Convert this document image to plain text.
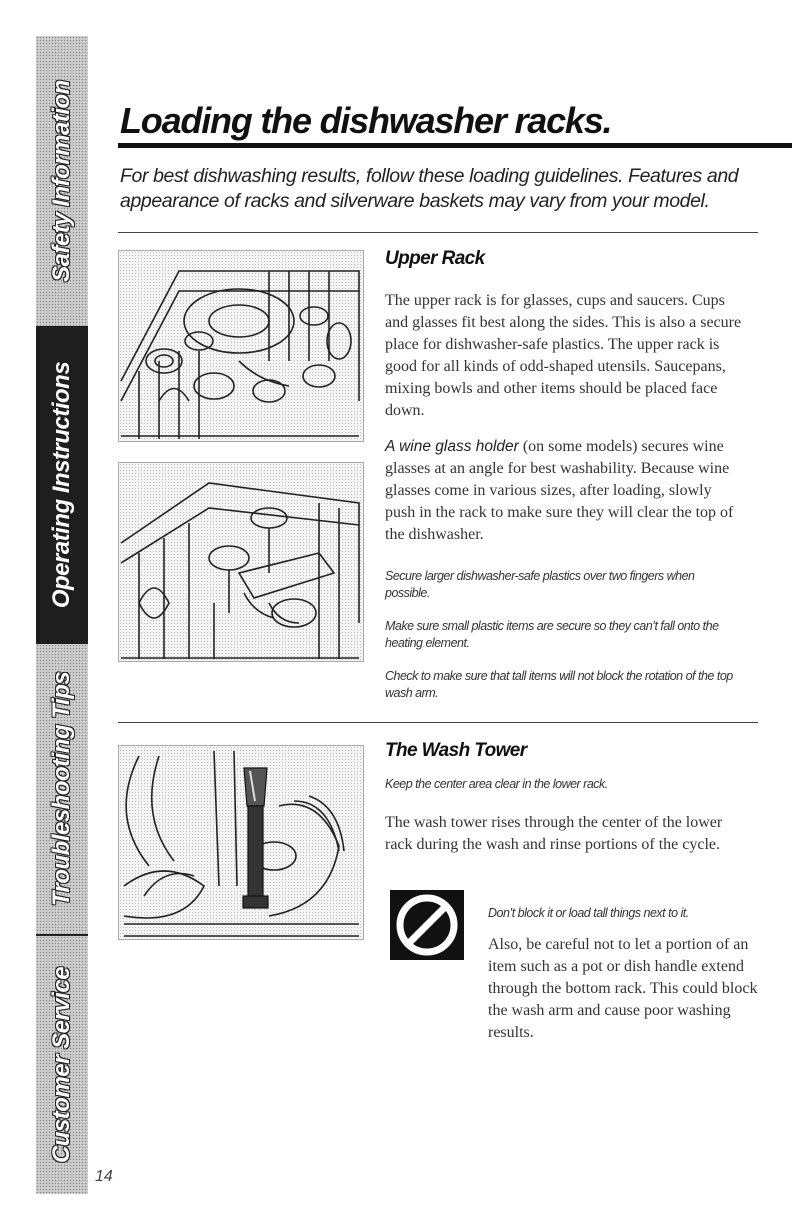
Safety Information
Operating Instructions
Troubleshooting Tips
Customer Service
Loading the dishwasher racks.

For best dishwashing results, follow these loading guidelines. Features and appearance of racks and silverware baskets may vary from your model.

Upper Rack

The upper rack is for glasses, cups and saucers. Cups and glasses fit best along the sides. This is also a secure place for dishwasher-safe plastics. The upper rack is good for all kinds of odd-shaped utensils. Saucepans, mixing bowls and other items should be placed face down.

A wine glass holder (on some models) secures wine glasses at an angle for best washability. Because wine glasses come in various sizes, after loading, slowly push in the rack to make sure they will clear the top of the dishwasher.

Secure larger dishwasher-safe plastics over two fingers when possible.

Make sure small plastic items are secure so they can’t fall onto the heating element.

Check to make sure that tall items will not block the rotation of the top wash arm.

The Wash Tower

Keep the center area clear in the lower rack.

The wash tower rises through the center of the lower rack during the wash and rinse portions of the cycle.

Don’t block it or load tall things next to it.

Also, be careful not to let a portion of an item such as a pot or dish handle extend through the bottom rack. This could block the wash arm and cause poor washing results.

14
